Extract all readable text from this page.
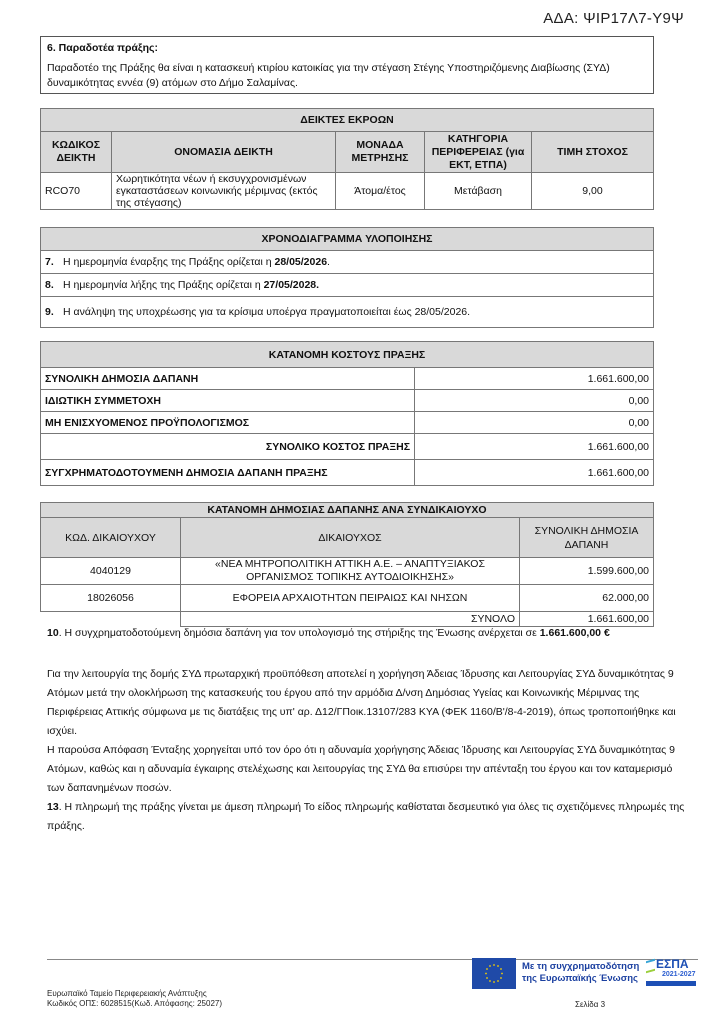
ΑΔΑ: ΨΙΡ17Λ7-Υ9Ψ
6. Παραδοτέα πράξης:
Παραδοτέο της Πράξης θα είναι η κατασκευή κτιρίου κατοικίας για την στέγαση Στέγης Υποστηριζόμενης Διαβίωσης (ΣΥΔ) δυναμικότητας εννέα (9) ατόμων στο Δήμο Σαλαμίνας.
ΔΕΙΚΤΕΣ ΕΚΡΟΩΝ				
ΚΩΔΙΚΟΣ ΔΕΙΚΤΗ	ΟΝΟΜΑΣΙΑ ΔΕΙΚΤΗ	ΜΟΝΑΔΑ ΜΕΤΡΗΣΗΣ	ΚΑΤΗΓΟΡΙΑ ΠΕΡΙΦΕΡΕΙΑΣ (για ΕΚΤ, ΕΤΠΑ)	ΤΙΜΗ ΣΤΟΧΟΣ
RCO70	Χωρητικότητα νέων ή εκσυγχρονισμένων εγκαταστάσεων κοινωνικής μέριμνας (εκτός της στέγασης)	Άτομα/έτος	Μετάβαση	9,00
ΧΡΟΝΟΔΙΑΓΡΑΜΜΑ ΥΛΟΠΟΙΗΣΗΣ
7. Η ημερομηνία έναρξης της Πράξης ορίζεται η 28/05/2026.
8. Η ημερομηνία λήξης της Πράξης ορίζεται η 27/05/2028.
9. Η ανάληψη της υποχρέωσης για τα κρίσιμα υποέργα πραγματοποιείται έως 28/05/2026.
ΚΑΤΑΝΟΜΗ ΚΟΣΤΟΥΣ ΠΡΑΞΗΣ	
ΣΥΝΟΛΙΚΗ ΔΗΜΟΣΙΑ ΔΑΠΑΝΗ	1.661.600,00
ΙΔΙΩΤΙΚΗ ΣΥΜΜΕΤΟΧΗ	0,00
ΜΗ ΕΝΙΣΧΥΟΜΕΝΟΣ ΠΡΟΫΠΟΛΟΓΙΣΜΟΣ	0,00
ΣΥΝΟΛΙΚΟ ΚΟΣΤΟΣ ΠΡΑΞΗΣ	1.661.600,00
ΣΥΓΧΡΗΜΑΤΟΔΟΤΟΥΜΕΝΗ ΔΗΜΟΣΙΑ ΔΑΠΑΝΗ ΠΡΑΞΗΣ	1.661.600,00
ΚΑΤΑΝΟΜΗ ΔΗΜΟΣΙΑΣ ΔΑΠΑΝΗΣ ΑΝΑ ΣΥΝΔΙΚΑΙΟΥΧΟ		
ΚΩΔ. ΔΙΚΑΙΟΥΧΟΥ	ΔΙΚΑΙΟΥΧΟΣ	ΣΥΝΟΛΙΚΗ ΔΗΜΟΣΙΑ ΔΑΠΑΝΗ
4040129	«ΝΕΑ ΜΗΤΡΟΠΟΛΙΤΙΚΗ ΑΤΤΙΚΗ Α.Ε. – ΑΝΑΠΤΥΞΙΑΚΟΣ ΟΡΓΑΝΙΣΜΟΣ ΤΟΠΙΚΗΣ ΑΥΤΟΔΙΟΙΚΗΣΗΣ»	1.599.600,00
18026056	ΕΦΟΡΕΙΑ ΑΡΧΑΙΟΤΗΤΩΝ ΠΕΙΡΑΙΩΣ ΚΑΙ ΝΗΣΩΝ	62.000,00
	ΣΥΝΟΛΟ	1.661.600,00
10. Η συγχρηματοδοτούμενη δημόσια δαπάνη για τον υπολογισμό της στήριξης της Ένωσης ανέρχεται σε 1.661.600,00 €
Για την λειτουργία της δομής ΣΥΔ πρωταρχική προϋπόθεση αποτελεί η χορήγηση Άδειας Ίδρυσης και Λειτουργίας ΣΥΔ δυναμικότητας 9 Ατόμων μετά την ολοκλήρωση της κατασκευής του έργου από την αρμόδια Δ/νση Δημόσιας Υγείας και Κοινωνικής Μέριμνας της Περιφέρειας Αττικής σύμφωνα με τις διατάξεις της υπ' αρ. Δ12/ΓΠοικ.13107/283 ΚΥΑ (ΦΕΚ 1160/Β'/8-4-2019), όπως τροποποιήθηκε και ισχύει.
Η παρούσα Απόφαση Ένταξης χορηγείται υπό τον όρο ότι η αδυναμία χορήγησης Άδειας Ίδρυσης και Λειτουργίας ΣΥΔ δυναμικότητας 9 Ατόμων, καθώς και η αδυναμία έγκαιρης στελέχωσης και λειτουργίας της ΣΥΔ θα επισύρει την απένταξη του έργου και τον καταμερισμό των δαπανημένων ποσών.
13. Η πληρωμή της πράξης γίνεται με άμεση πληρωμή Το είδος πληρωμής καθίσταται δεσμευτικό για όλες τις σχετιζόμενες πληρωμές της πράξης.
Με τη συγχρηματοδότηση
της Ευρωπαϊκής Ένωσης
ΕΣΠΑ
2021-2027
Ευρωπαϊκό Ταμείο Περιφερειακής Ανάπτυξης
Κωδικός ΟΠΣ: 6028515(Κωδ. Απόφασης: 25027)	Σελίδα 3
